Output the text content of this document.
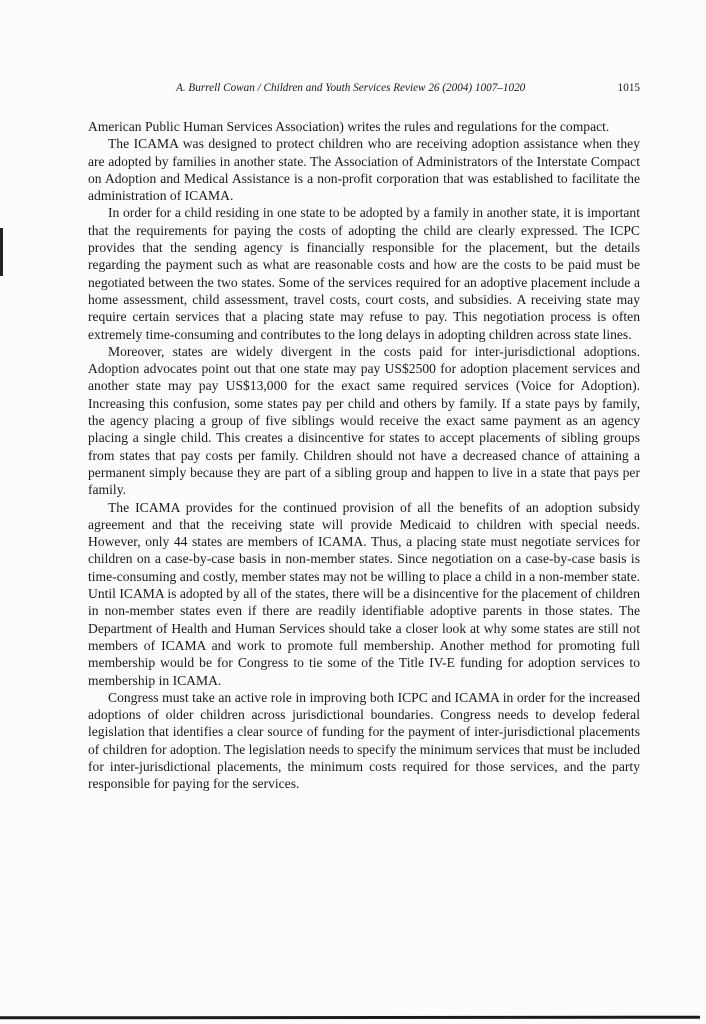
A. Burrell Cowan / Children and Youth Services Review 26 (2004) 1007–1020	1015

American Public Human Services Association) writes the rules and regulations for the compact.

The ICAMA was designed to protect children who are receiving adoption assistance when they are adopted by families in another state. The Association of Administrators of the Interstate Compact on Adoption and Medical Assistance is a non-profit corporation that was established to facilitate the administration of ICAMA.

In order for a child residing in one state to be adopted by a family in another state, it is important that the requirements for paying the costs of adopting the child are clearly expressed. The ICPC provides that the sending agency is financially responsible for the placement, but the details regarding the payment such as what are reasonable costs and how are the costs to be paid must be negotiated between the two states. Some of the services required for an adoptive placement include a home assessment, child assessment, travel costs, court costs, and subsidies. A receiving state may require certain services that a placing state may refuse to pay. This negotiation process is often extremely time-consuming and contributes to the long delays in adopting children across state lines.

Moreover, states are widely divergent in the costs paid for inter-jurisdictional adoptions. Adoption advocates point out that one state may pay US$2500 for adoption placement services and another state may pay US$13,000 for the exact same required services (Voice for Adoption). Increasing this confusion, some states pay per child and others by family. If a state pays by family, the agency placing a group of five siblings would receive the exact same payment as an agency placing a single child. This creates a disincentive for states to accept placements of sibling groups from states that pay costs per family. Children should not have a decreased chance of attaining a permanent simply because they are part of a sibling group and happen to live in a state that pays per family.

The ICAMA provides for the continued provision of all the benefits of an adoption subsidy agreement and that the receiving state will provide Medicaid to children with special needs. However, only 44 states are members of ICAMA. Thus, a placing state must negotiate services for children on a case-by-case basis in non-member states. Since negotiation on a case-by-case basis is time-consuming and costly, member states may not be willing to place a child in a non-member state. Until ICAMA is adopted by all of the states, there will be a disincentive for the placement of children in non-member states even if there are readily identifiable adoptive parents in those states. The Department of Health and Human Services should take a closer look at why some states are still not members of ICAMA and work to promote full membership. Another method for promoting full membership would be for Congress to tie some of the Title IV-E funding for adoption services to membership in ICAMA.

Congress must take an active role in improving both ICPC and ICAMA in order for the increased adoptions of older children across jurisdictional boundaries. Congress needs to develop federal legislation that identifies a clear source of funding for the payment of inter-jurisdictional placements of children for adoption. The legislation needs to specify the minimum services that must be included for inter-jurisdictional placements, the minimum costs required for those services, and the party responsible for paying for the services.
